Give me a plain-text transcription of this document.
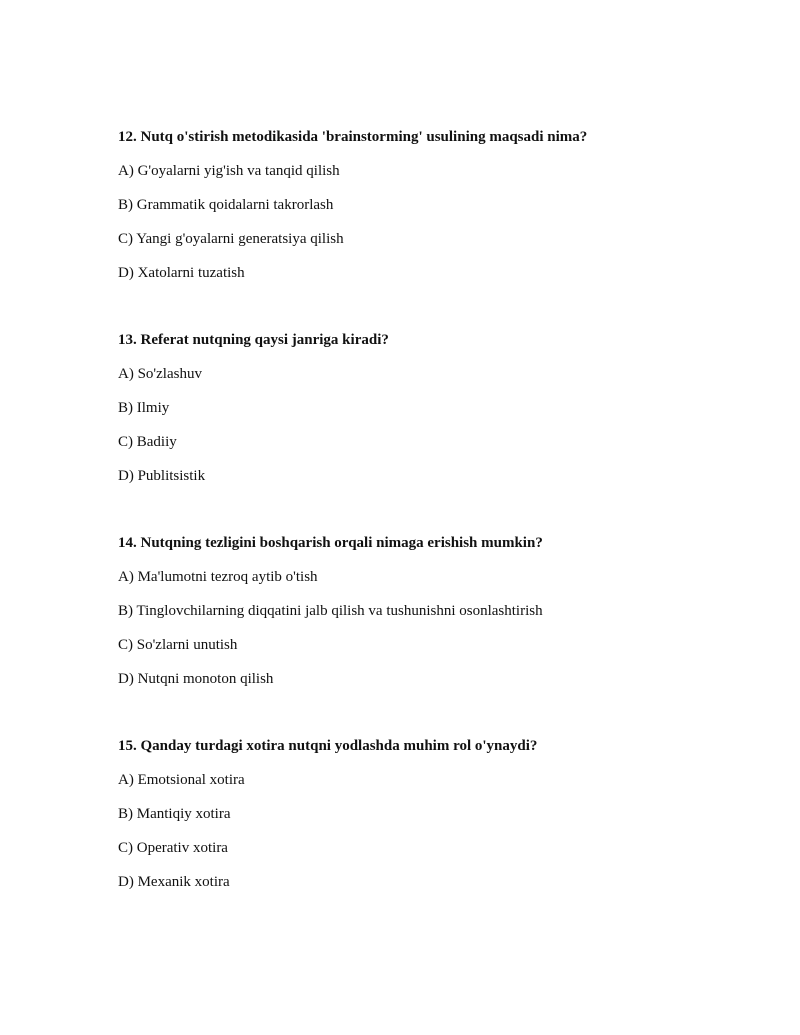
12. Nutq o'stirish metodikasida 'brainstorming' usulining maqsadi nima?

A) G'oyalarni yig'ish va tanqid qilish

B) Grammatik qoidalarni takrorlash

C) Yangi g'oyalarni generatsiya qilish

D) Xatolarni tuzatish

13. Referat nutqning qaysi janriga kiradi?

A) So'zlashuv

B) Ilmiy

C) Badiiy

D) Publitsistik

14. Nutqning tezligini boshqarish orqali nimaga erishish mumkin?

A) Ma'lumotni tezroq aytib o'tish

B) Tinglovchilarning diqqatini jalb qilish va tushunishni osonlashtirish

C) So'zlarni unutish

D) Nutqni monoton qilish

15. Qanday turdagi xotira nutqni yodlashda muhim rol o'ynaydi?

A) Emotsional xotira

B) Mantiqiy xotira

C) Operativ xotira

D) Mexanik xotira
